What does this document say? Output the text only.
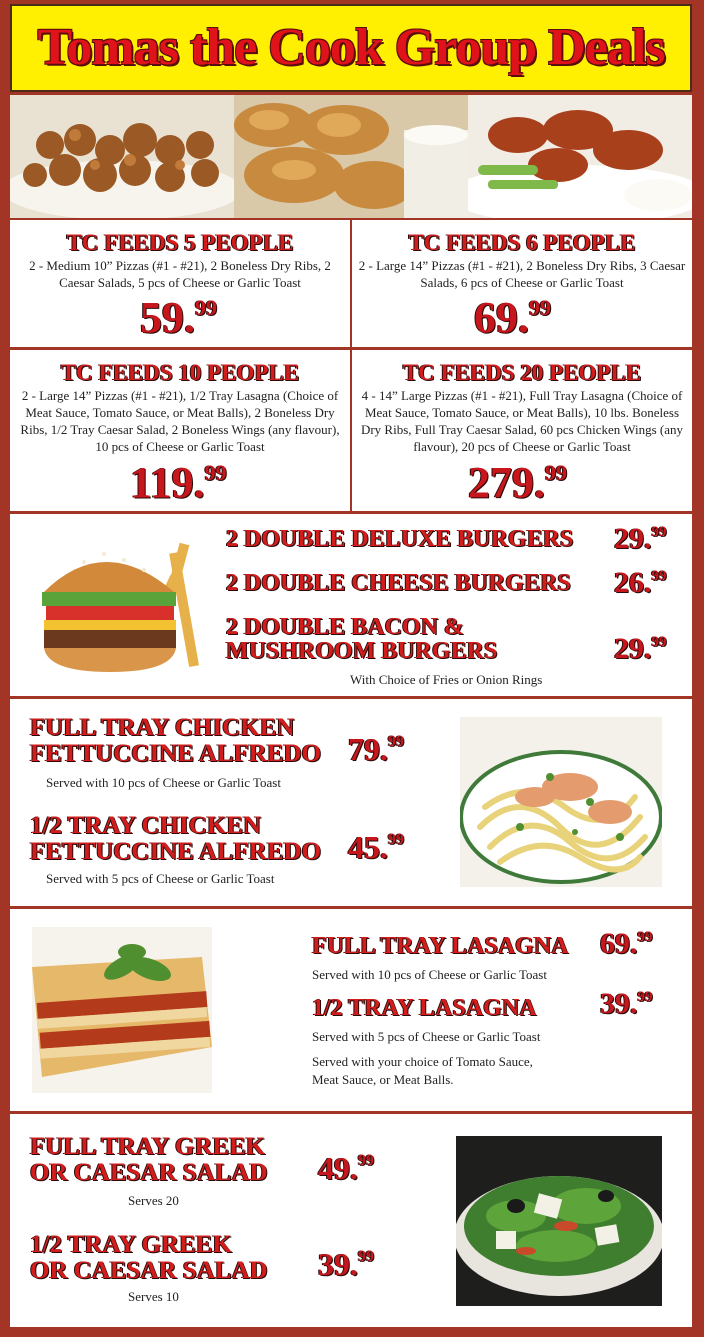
Tomas the Cook Group Deals
TC FEEDS 5 PEOPLE
2 - Medium 10” Pizzas (#1 - #21), 2 Boneless Dry Ribs, 2 Caesar Salads, 5 pcs of Cheese or Garlic Toast
59.99
TC FEEDS 6 PEOPLE
2 - Large 14” Pizzas (#1 - #21), 2 Boneless Dry Ribs, 3 Caesar Salads, 6 pcs of Cheese or Garlic Toast
69.99
TC FEEDS 10 PEOPLE
2 - Large 14” Pizzas (#1 - #21), 1/2 Tray Lasagna (Choice of Meat Sauce, Tomato Sauce, or Meat Balls), 2 Boneless Dry Ribs, 1/2 Tray Caesar Salad, 2 Boneless Wings (any flavour), 10 pcs of Cheese or Garlic Toast
119.99
TC FEEDS 20 PEOPLE
4 - 14” Large Pizzas (#1 - #21), Full Tray Lasagna (Choice of Meat Sauce, Tomato Sauce, or Meat Balls), 10 lbs. Boneless Dry Ribs, Full Tray Caesar Salad, 60 pcs Chicken Wings (any flavour), 20 pcs of Cheese or Garlic Toast
279.99
2 DOUBLE DELUXE BURGERS 29.99
2 DOUBLE CHEESE BURGERS 26.99
2 DOUBLE BACON &
MUSHROOM BURGERS	29.99
With Choice of Fries or Onion Rings
FULL TRAY CHICKEN
FETTUCCINE ALFREDO 79.99
Served with 10 pcs of Cheese or Garlic Toast
1/2 TRAY CHICKEN
FETTUCCINE ALFREDO 45.99
Served with 5 pcs of Cheese or Garlic Toast
FULL TRAY LASAGNA 69.99
Served with 10 pcs of Cheese or Garlic Toast
1/2 TRAY LASAGNA 39.99
Served with 5 pcs of Cheese or Garlic Toast
Served with your choice of Tomato Sauce,
Meat Sauce, or Meat Balls.
FULL TRAY GREEK
OR CAESAR SALAD 49.99
Serves 20
1/2 TRAY GREEK
OR CAESAR SALAD 39.99
Serves 10
